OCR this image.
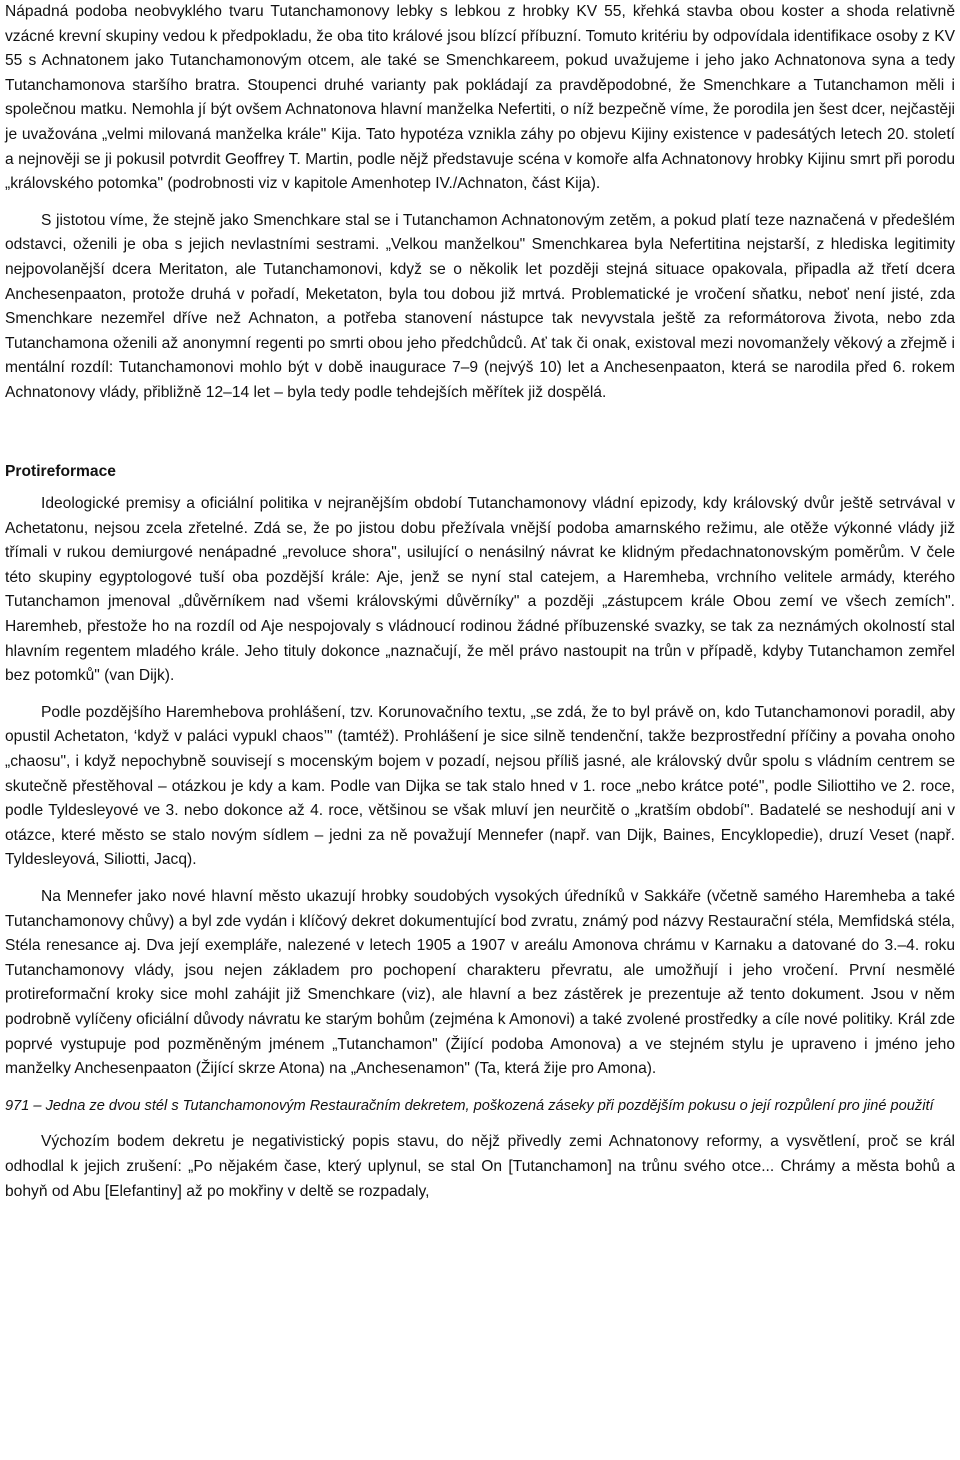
Nápadná podoba neobvyklého tvaru Tutanchamonovy lebky s lebkou z hrobky KV 55, křehká stavba obou koster a shoda relativně vzácné krevní skupiny vedou k předpokladu, že oba tito králové jsou blízcí příbuzní. Tomuto kritériu by odpovídala identifikace osoby z KV 55 s Achnatonem jako Tutanchamonovým otcem, ale také se Smenchkareem, pokud uvažujeme i jeho jako Achnatonova syna a tedy Tutanchamonova staršího bratra. Stoupenci druhé varianty pak pokládají za pravděpodobné, že Smenchkare a Tutanchamon měli i společnou matku. Nemohla jí být ovšem Achnatonova hlavní manželka Nefertiti, o níž bezpečně víme, že porodila jen šest dcer, nejčastěji je uvažována „velmi milovaná manželka krále" Kija. Tato hypotéza vznikla záhy po objevu Kijiny existence v padesátých letech 20. století a nejnověji se ji pokusil potvrdit Geoffrey T. Martin, podle nějž představuje scéna v komoře alfa Achnatonovy hrobky Kijinu smrt při porodu „královského potomka" (podrobnosti viz v kapitole Amenhotep IV./Achnaton, část Kija).

S jistotou víme, že stejně jako Smenchkare stal se i Tutanchamon Achnatonovým zetěm, a pokud platí teze naznačená v předešlém odstavci, oženili je oba s jejich nevlastními sestrami. „Velkou manželkou" Smenchkarea byla Nefertitina nejstarší, z hlediska legitimity nejpovolanější dcera Meritaton, ale Tutanchamonovi, když se o několik let později stejná situace opakovala, připadla až třetí dcera Anchesenpaaton, protože druhá v pořadí, Meketaton, byla tou dobou již mrtvá. Problematické je vročení sňatku, neboť není jisté, zda Smenchkare nezemřel dříve než Achnaton, a potřeba stanovení nástupce tak nevyvstala ještě za reformátorova života, nebo zda Tutanchamona oženili až anonymní regenti po smrti obou jeho předchůdců. Ať tak či onak, existoval mezi novomanžely věkový a zřejmě i mentální rozdíl: Tutanchamonovi mohlo být v době inaugurace 7–9 (nejvýš 10) let a Anchesenpaaton, která se narodila před 6. rokem Achnatonovy vlády, přibližně 12–14 let – byla tedy podle tehdejších měřítek již dospělá.

Protireformace

Ideologické premisy a oficiální politika v nejranějším období Tutanchamonovy vládní epizody, kdy královský dvůr ještě setrvával v Achetatonu, nejsou zcela zřetelné. Zdá se, že po jistou dobu přežívala vnější podoba amarnského režimu, ale otěže výkonné vlády již třímali v rukou demiurgové nenápadné „revoluce shora", usilující o nenásilný návrat ke klidným předachnatonovským poměrům. V čele této skupiny egyptologové tuší oba pozdější krále: Aje, jenž se nyní stal catejem, a Haremheba, vrchního velitele armády, kterého Tutanchamon jmenoval „důvěrníkem nad všemi královskými důvěrníky" a později „zástupcem krále Obou zemí ve všech zemích". Haremheb, přestože ho na rozdíl od Aje nespojovaly s vládnoucí rodinou žádné příbuzenské svazky, se tak za neznámých okolností stal hlavním regentem mladého krále. Jeho tituly dokonce „naznačují, že měl právo nastoupit na trůn v případě, kdyby Tutanchamon zemřel bez potomků" (van Dijk).

Podle pozdějšího Haremhebova prohlášení, tzv. Korunovačního textu, „se zdá, že to byl právě on, kdo Tutanchamonovi poradil, aby opustil Achetaton, ‘když v paláci vypukl chaos’" (tamtéž). Prohlášení je sice silně tendenční, takže bezprostřední příčiny a povaha onoho „chaosu", i když nepochybně souvisejí s mocenským bojem v pozadí, nejsou příliš jasné, ale královský dvůr spolu s vládním centrem se skutečně přestěhoval – otázkou je kdy a kam. Podle van Dijka se tak stalo hned v 1. roce „nebo krátce poté", podle Siliottiho ve 2. roce, podle Tyldesleyové ve 3. nebo dokonce až 4. roce, většinou se však mluví jen neurčitě o „kratším období". Badatelé se neshodují ani v otázce, které město se stalo novým sídlem – jedni za ně považují Mennefer (např. van Dijk, Baines, Encyklopedie), druzí Veset (např. Tyldesleyová, Siliotti, Jacq).

Na Mennefer jako nové hlavní město ukazují hrobky soudobých vysokých úředníků v Sakkáře (včetně samého Haremheba a také Tutanchamonovy chůvy) a byl zde vydán i klíčový dekret dokumentující bod zvratu, známý pod názvy Restaurační stéla, Memfidská stéla, Stéla renesance aj. Dva její exempláře, nalezené v letech 1905 a 1907 v areálu Amonova chrámu v Karnaku a datované do 3.–4. roku Tutanchamonovy vlády, jsou nejen základem pro pochopení charakteru převratu, ale umožňují i jeho vročení. První nesmělé protireformační kroky sice mohl zahájit již Smenchkare (viz), ale hlavní a bez zástěrek je prezentuje až tento dokument. Jsou v něm podrobně vylíčeny oficiální důvody návratu ke starým bohům (zejména k Amonovi) a také zvolené prostředky a cíle nové politiky. Král zde poprvé vystupuje pod pozměněným jménem „Tutanchamon" (Žijící podoba Amonova) a ve stejném stylu je upraveno i jméno jeho manželky Anchesenpaaton (Žijící skrze Atona) na „Anchesenamon" (Ta, která žije pro Amona).

971 – Jedna ze dvou stél s Tutanchamonovým Restauračním dekretem, poškozená záseky při pozdějším pokusu o její rozpůlení pro jiné použití

Výchozím bodem dekretu je negativistický popis stavu, do nějž přivedly zemi Achnatonovy reformy, a vysvětlení, proč se král odhodlal k jejich zrušení: „Po nějakém čase, který uplynul, se stal On [Tutanchamon] na trůnu svého otce... Chrámy a města bohů a bohyň od Abu [Elefantiny] až po mokřiny v deltě se rozpadaly,
